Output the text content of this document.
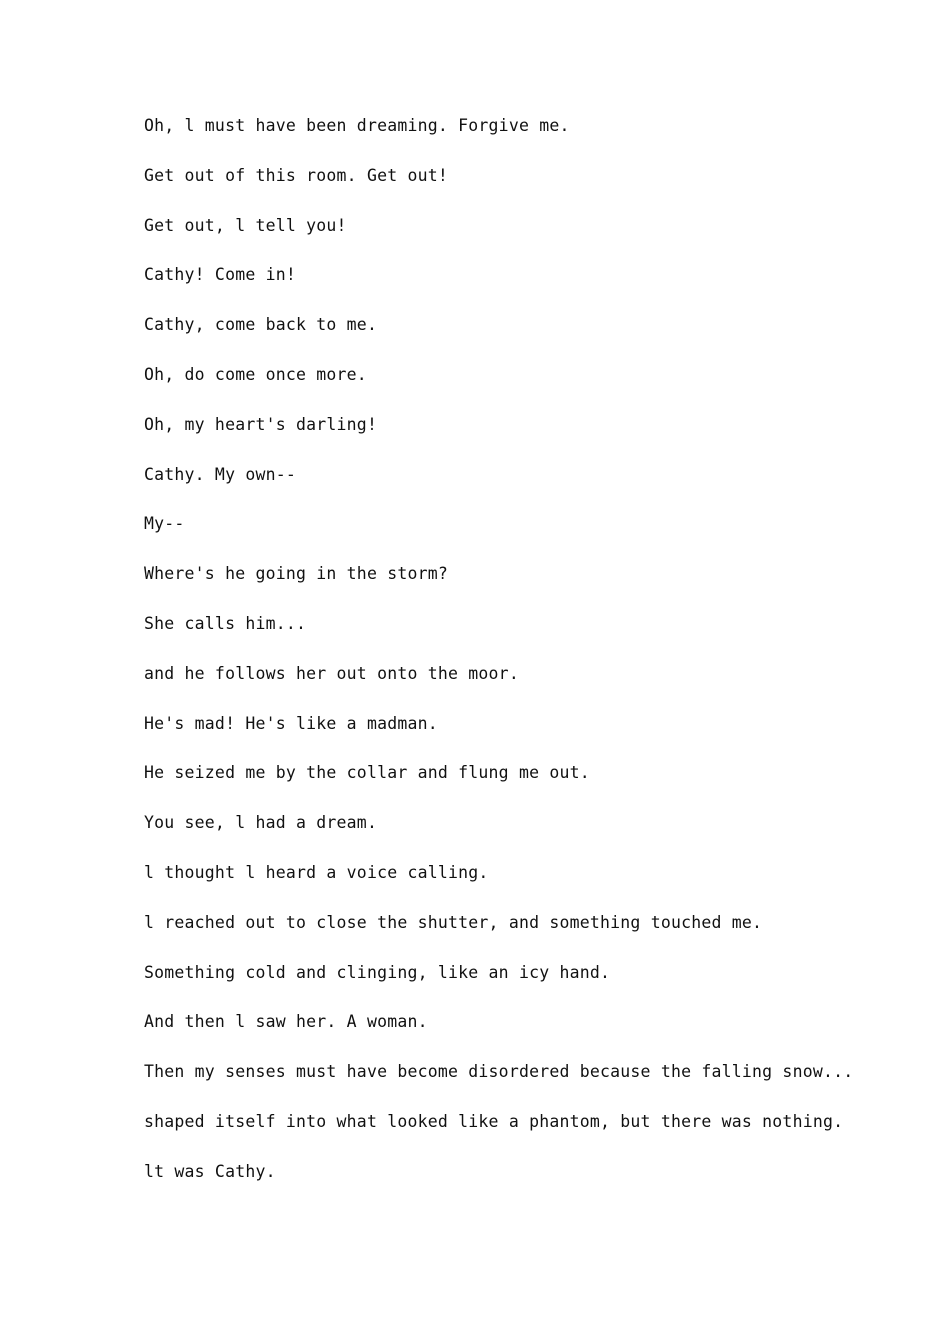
Oh, l must have been dreaming. Forgive me.
Get out of this room. Get out!
Get out, l tell you!
Cathy! Come in!
Cathy, come back to me.
Oh, do come once more.
Oh, my heart's darling!
Cathy. My own--
My--
Where's he going in the storm?
She calls him...
and he follows her out onto the moor.
He's mad! He's like a madman.
He seized me by the collar and flung me out.
You see, l had a dream.
l thought l heard a voice calling.
l reached out to close the shutter, and something touched me.
Something cold and clinging, like an icy hand.
And then l saw her. A woman.
Then my senses must have become disordered because the falling snow...
shaped itself into what looked like a phantom, but there was nothing.
lt was Cathy.
